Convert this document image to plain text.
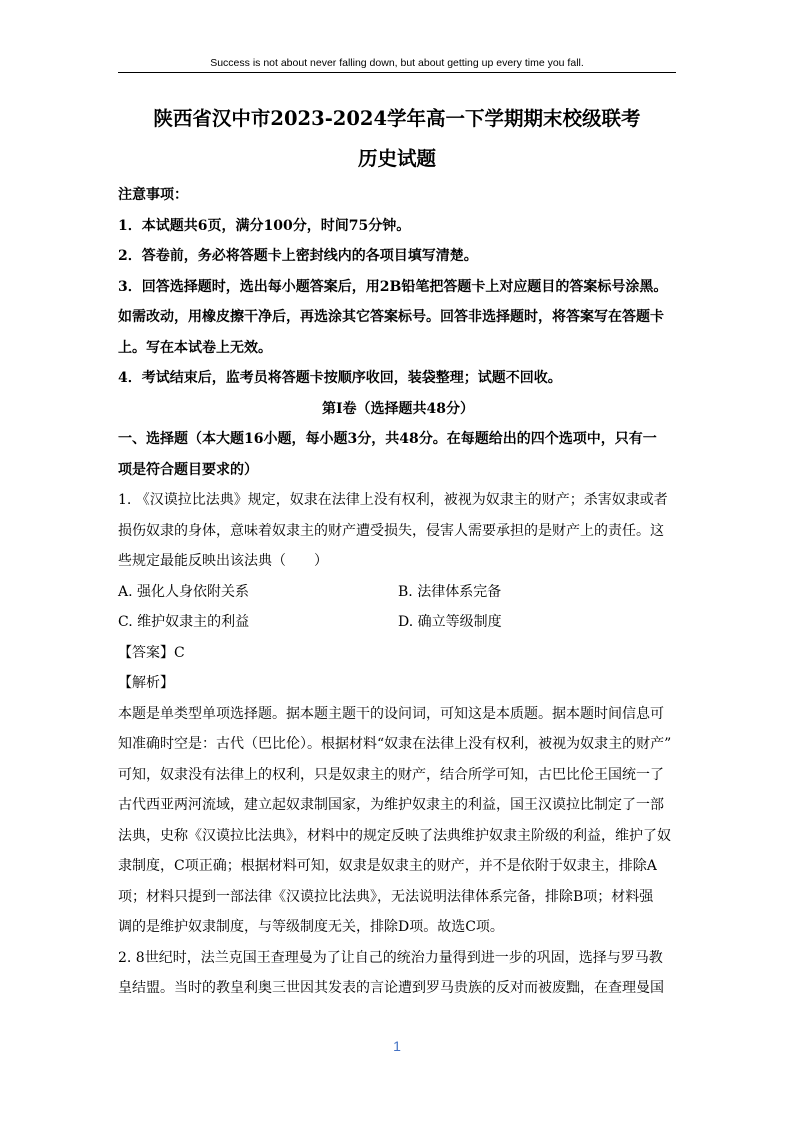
Success is not about never falling down, but about getting up every time you fall.
陕西省汉中市2023-2024学年高一下学期期末校级联考
历史试题

注意事项：

1．本试题共6页，满分100分，时间75分钟。

2．答卷前，务必将答题卡上密封线内的各项目填写清楚。

3．回答选择题时，选出每小题答案后，用2B铅笔把答题卡上对应题目的答案标号涂黑。

如需改动，用橡皮擦干净后，再选涂其它答案标号。回答非选择题时，将答案写在答题卡

上。写在本试卷上无效。

4．考试结束后，监考员将答题卡按顺序收回，装袋整理；试题不回收。

第Ⅰ卷（选择题共48分）

一、选择题（本大题16小题，每小题3分，共48分。在每题给出的四个选项中，只有一

项是符合题目要求的）

1. 《汉谟拉比法典》规定，奴隶在法律上没有权利，被视为奴隶主的财产；杀害奴隶或者

损伤奴隶的身体，意味着奴隶主的财产遭受损失，侵害人需要承担的是财产上的责任。这

些规定最能反映出该法典（　　）

A. 强化人身依附关系	B. 法律体系完备
C. 维护奴隶主的利益	D. 确立等级制度

【答案】C

【解析】

本题是单类型单项选择题。据本题主题干的设问词，可知这是本质题。据本题时间信息可

知准确时空是：古代（巴比伦）。根据材料“奴隶在法律上没有权利，被视为奴隶主的财产”

可知，奴隶没有法律上的权利，只是奴隶主的财产，结合所学可知，古巴比伦王国统一了

古代西亚两河流域，建立起奴隶制国家，为维护奴隶主的利益，国王汉谟拉比制定了一部

法典，史称《汉谟拉比法典》，材料中的规定反映了法典维护奴隶主阶级的利益，维护了奴

隶制度，C项正确；根据材料可知，奴隶是奴隶主的财产，并不是依附于奴隶主，排除A

项；材料只提到一部法律《汉谟拉比法典》，无法说明法律体系完备，排除B项；材料强

调的是维护奴隶制度，与等级制度无关，排除D项。故选C项。

2. 8世纪时，法兰克国王查理曼为了让自己的统治力量得到进一步的巩固，选择与罗马教

皇结盟。当时的教皇利奥三世因其发表的言论遭到罗马贵族的反对而被废黜，在查理曼国

1
